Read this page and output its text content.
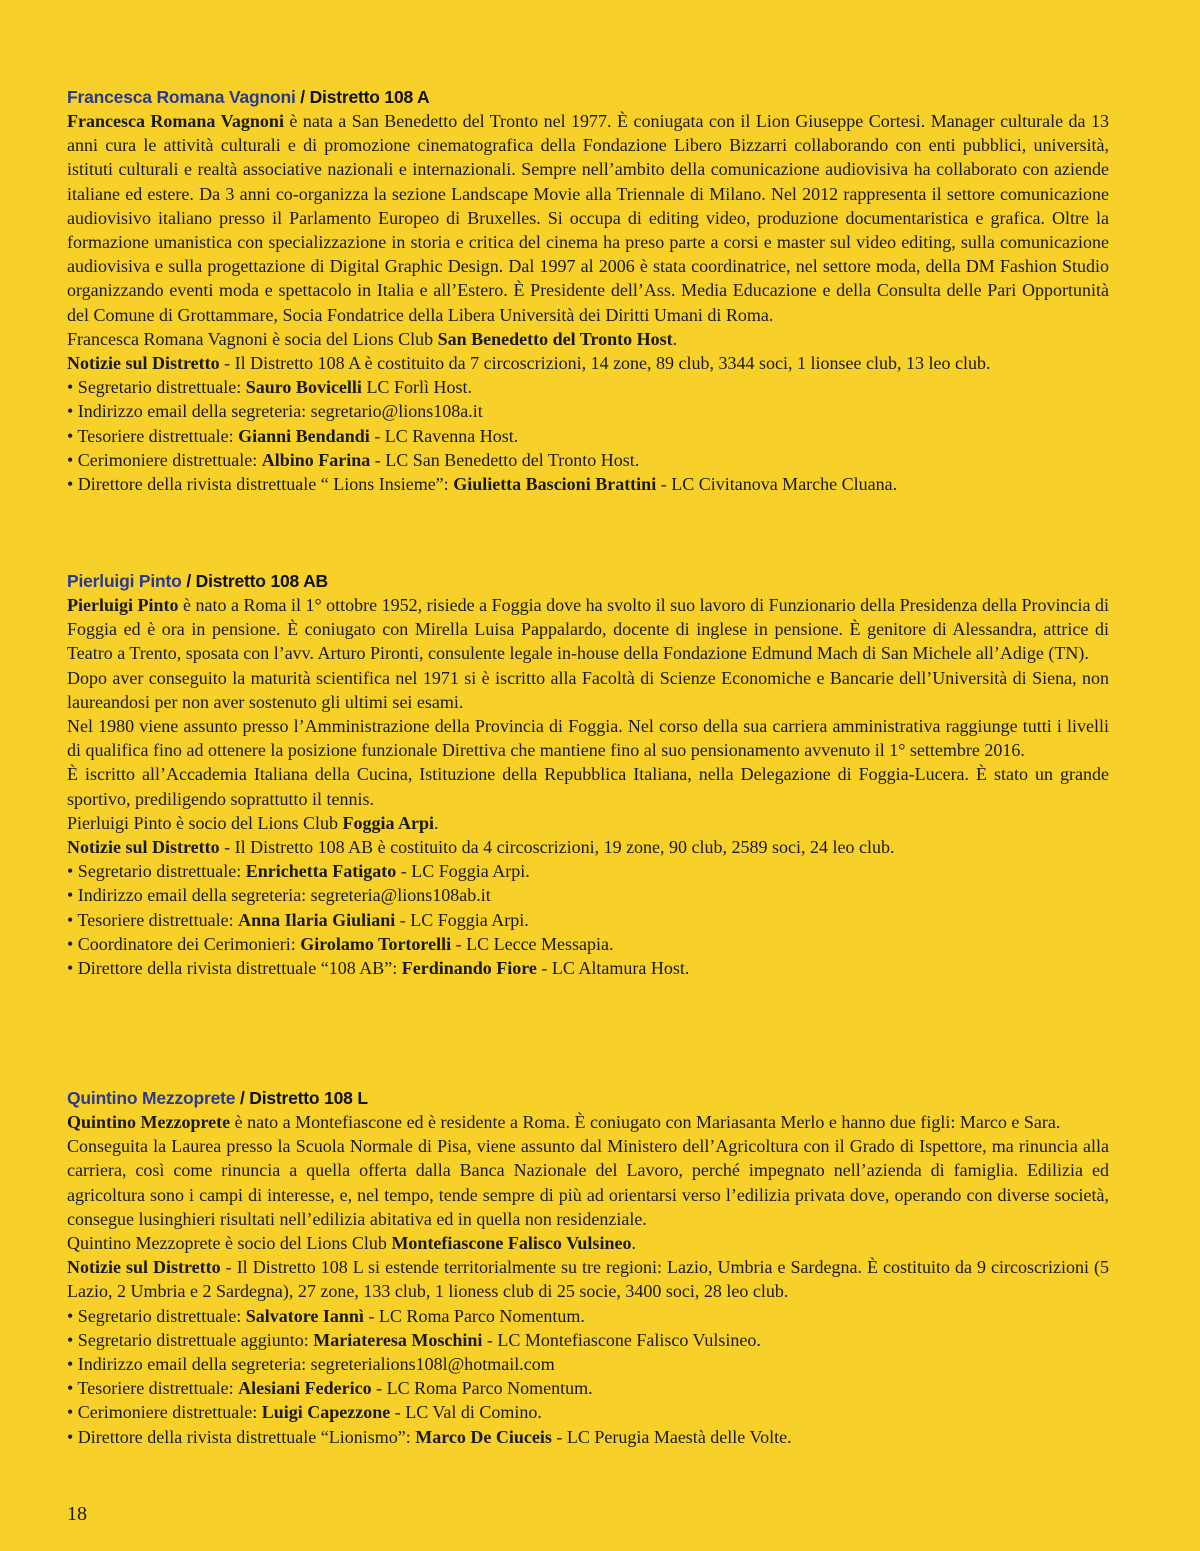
Francesca Romana Vagnoni / Distretto 108 A

Francesca Romana Vagnoni è nata a San Benedetto del Tronto nel 1977. È coniugata con il Lion Giuseppe Cortesi. Manager culturale da 13 anni cura le attività culturali e di promozione cinematografica della Fondazione Libero Bizzarri collaborando con enti pubblici, università, istituti culturali e realtà associative nazionali e internazionali. Sempre nell’ambito della comunicazione audiovisiva ha collaborato con aziende italiane ed estere. Da 3 anni co-organizza la sezione Landscape Movie alla Triennale di Milano. Nel 2012 rappresenta il settore comunicazione audiovisivo italiano presso il Parlamento Europeo di Bruxelles. Si occupa di editing video, produzione documentaristica e grafica. Oltre la formazione umanistica con specializzazione in storia e critica del cinema ha preso parte a corsi e master sul video editing, sulla comunicazione audiovisiva e sulla progettazione di Digital Graphic Design. Dal 1997 al 2006 è stata coordinatrice, nel settore moda, della DM Fashion Studio organizzando eventi moda e spettacolo in Italia e all’Estero. È Presidente dell’Ass. Media Educazione e della Consulta delle Pari Opportunità del Comune di Grottammare, Socia Fondatrice della Libera Università dei Diritti Umani di Roma.

Francesca Romana Vagnoni è socia del Lions Club San Benedetto del Tronto Host.

Notizie sul Distretto - Il Distretto 108 A è costituito da 7 circoscrizioni, 14 zone, 89 club, 3344 soci, 1 lionsee club, 13 leo club.

• Segretario distrettuale: Sauro Bovicelli LC Forlì Host.

• Indirizzo email della segreteria: segretario@lions108a.it

• Tesoriere distrettuale: Gianni Bendandi - LC Ravenna Host.

• Cerimoniere distrettuale: Albino Farina - LC San Benedetto del Tronto Host.

• Direttore della rivista distrettuale “ Lions Insieme”: Giulietta Bascioni Brattini - LC Civitanova Marche Cluana.

Pierluigi Pinto / Distretto 108 AB

Pierluigi Pinto è nato a Roma il 1° ottobre 1952, risiede a Foggia dove ha svolto il suo lavoro di Funzionario della Presidenza della Provincia di Foggia ed è ora in pensione. È coniugato con Mirella Luisa Pappalardo, docente di inglese in pensione. È genitore di Alessandra, attrice di Teatro a Trento, sposata con l’avv. Arturo Pironti, consulente legale in-house della Fondazione Edmund Mach di San Michele all’Adige (TN).

Dopo aver conseguito la maturità scientifica nel 1971 si è iscritto alla Facoltà di Scienze Economiche e Bancarie dell’Università di Siena, non laureandosi per non aver sostenuto gli ultimi sei esami.

Nel 1980 viene assunto presso l’Amministrazione della Provincia di Foggia. Nel corso della sua carriera amministrativa raggiunge tutti i livelli di qualifica fino ad ottenere la posizione funzionale Direttiva che mantiene fino al suo pensionamento avvenuto il 1° settembre 2016.

È iscritto all’Accademia Italiana della Cucina, Istituzione della Repubblica Italiana, nella Delegazione di Foggia-Lucera. È stato un grande sportivo, prediligendo soprattutto il tennis.

Pierluigi Pinto è socio del Lions Club Foggia Arpi.

Notizie sul Distretto - Il Distretto 108 AB è costituito da 4 circoscrizioni, 19 zone, 90 club, 2589 soci, 24 leo club.

• Segretario distrettuale: Enrichetta Fatigato - LC Foggia Arpi.

• Indirizzo email della segreteria: segreteria@lions108ab.it

• Tesoriere distrettuale: Anna Ilaria Giuliani - LC Foggia Arpi.

• Coordinatore dei Cerimonieri: Girolamo Tortorelli - LC Lecce Messapia.

• Direttore della rivista distrettuale “108 AB”: Ferdinando Fiore - LC Altamura Host.

Quintino Mezzoprete / Distretto 108 L

Quintino Mezzoprete è nato a Montefiascone ed è residente a Roma. È coniugato con Mariasanta Merlo e hanno due figli: Marco e Sara.

Conseguita la Laurea presso la Scuola Normale di Pisa, viene assunto dal Ministero dell’Agricoltura con il Grado di Ispettore, ma rinuncia alla carriera, così come rinuncia a quella offerta dalla Banca Nazionale del Lavoro, perché impegnato nell’azienda di famiglia. Edilizia ed agricoltura sono i campi di interesse, e, nel tempo, tende sempre di più ad orientarsi verso l’edilizia privata dove, operando con diverse società, consegue lusinghieri risultati nell’edilizia abitativa ed in quella non residenziale.

Quintino Mezzoprete è socio del Lions Club Montefiascone Falisco Vulsineo.

Notizie sul Distretto - Il Distretto 108 L si estende territorialmente su tre regioni: Lazio, Umbria e Sardegna. È costituito da 9 circoscrizioni (5 Lazio, 2 Umbria e 2 Sardegna), 27 zone, 133 club, 1 lioness club di 25 socie, 3400 soci, 28 leo club.

• Segretario distrettuale: Salvatore Iannì - LC Roma Parco Nomentum.

• Segretario distrettuale aggiunto: Mariateresa Moschini - LC Montefiascone Falisco Vulsineo.

• Indirizzo email della segreteria: segreterialions108l@hotmail.com

• Tesoriere distrettuale: Alesiani Federico - LC Roma Parco Nomentum.

• Cerimoniere distrettuale: Luigi Capezzone - LC Val di Comino.

• Direttore della rivista distrettuale “Lionismo”: Marco De Ciuceis - LC Perugia Maestà delle Volte.

18
